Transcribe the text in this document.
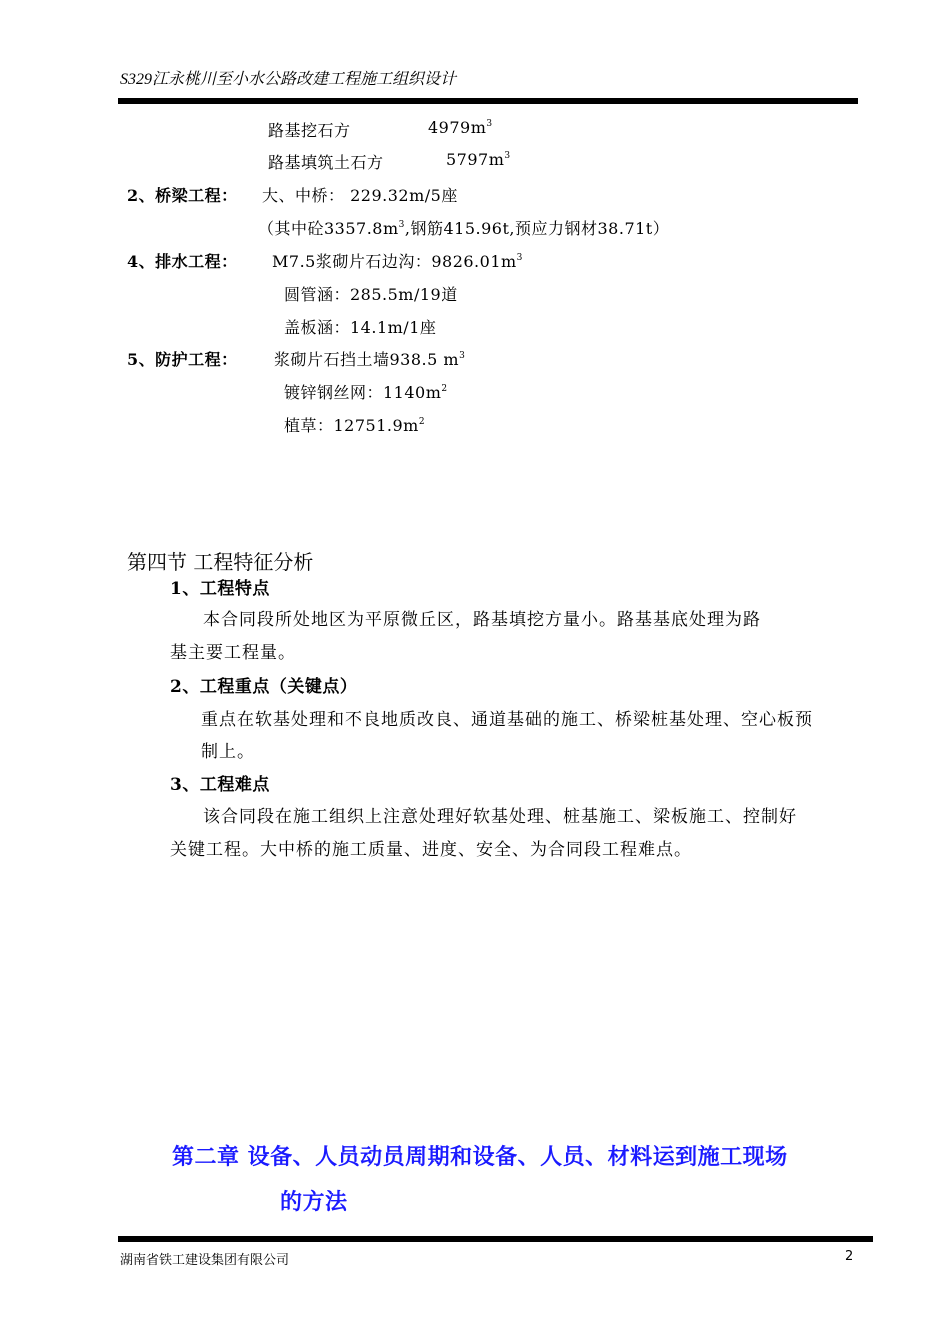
S329江永桃川至小水公路改建工程施工组织设计
路基挖石方	$4979m^3$
路基填筑土石方	$5797m^3$
2、桥梁工程： 大、中桥： 229.32m/5座
（其中砼$3357.8m^3$,钢筋415.96t,预应力钢材38.71t）
4、排水工程： M7.5浆砌片石边沟：$9826.01m^3$
圆管涵：285.5m/19道
盖板涵：14.1m/1座
5、防护工程： 浆砌片石挡土墙938.5 $m^3$
镀锌钢丝网：$1140m^2$
植草：$12751.9m^2$
第四节 工程特征分析
1、工程特点
本合同段所处地区为平原微丘区，路基填挖方量小。路基基底处理为路
基主要工程量。
2、工程重点（关键点）
重点在软基处理和不良地质改良、通道基础的施工、桥梁桩基处理、空心板预
制上。
3、工程难点
该合同段在施工组织上注意处理好软基处理、桩基施工、梁板施工、控制好
关键工程。大中桥的施工质量、进度、安全、为合同段工程难点。
第二章 设备、人员动员周期和设备、人员、材料运到施工现场
的方法
湖南省铁工建设集团有限公司	2
